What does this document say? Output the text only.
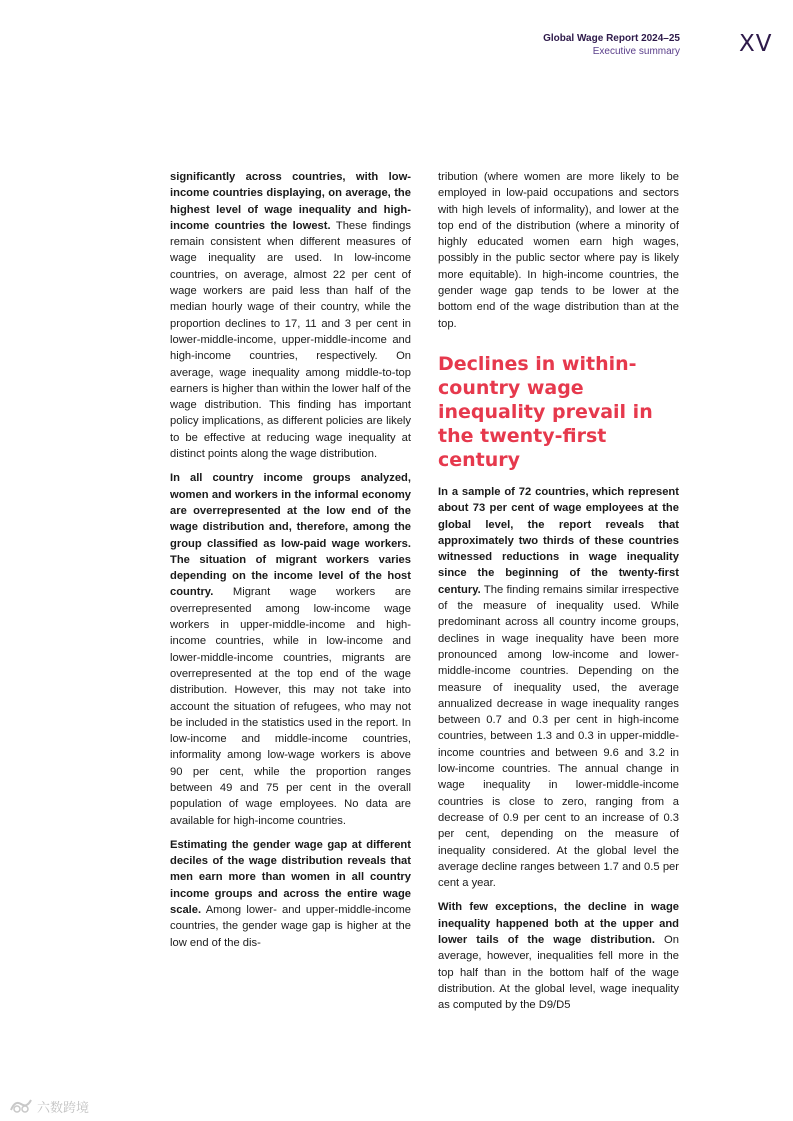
Global Wage Report 2024–25
Executive summary	XV

significantly across countries, with low-income countries displaying, on average, the highest level of wage inequality and high-income countries the lowest. These findings remain consistent when different measures of wage inequality are used. In low-income countries, on average, almost 22 per cent of wage workers are paid less than half of the median hourly wage of their country, while the proportion declines to 17, 11 and 3 per cent in lower-middle-income, upper-middle-income and high-income countries, respectively. On average, wage inequality among middle-to-top earners is higher than within the lower half of the wage distribution. This finding has important policy implications, as different policies are likely to be effective at reducing wage inequality at distinct points along the wage distribution.

In all country income groups analyzed, women and workers in the informal economy are overrepresented at the low end of the wage distribution and, therefore, among the group classified as low-paid wage workers. The situation of migrant workers varies depending on the income level of the host country. Migrant wage workers are overrepresented among low-income wage workers in upper-middle-income and high-income countries, while in low-income and lower-middle-income countries, migrants are overrepresented at the top end of the wage distribution. However, this may not take into account the situation of refugees, who may not be included in the statistics used in the report. In low-income and middle-income countries, informality among low-wage workers is above 90 per cent, while the proportion ranges between 49 and 75 per cent in the overall population of wage employees. No data are available for high-income countries.

Estimating the gender wage gap at different deciles of the wage distribution reveals that men earn more than women in all country income groups and across the entire wage scale. Among lower- and upper-middle-income countries, the gender wage gap is higher at the low end of the dis-

tribution (where women are more likely to be employed in low-paid occupations and sectors with high levels of informality), and lower at the top end of the distribution (where a minority of highly educated women earn high wages, possibly in the public sector where pay is likely more equitable). In high-income countries, the gender wage gap tends to be lower at the bottom end of the wage distribution than at the top.

Declines in within-country wage inequality prevail in the twenty-first century

In a sample of 72 countries, which represent about 73 per cent of wage employees at the global level, the report reveals that approximately two thirds of these countries witnessed reductions in wage inequality since the beginning of the twenty-first century. The finding remains similar irrespective of the measure of inequality used. While predominant across all country income groups, declines in wage inequality have been more pronounced among low-income and lower-middle-income countries. Depending on the measure of inequality used, the average annualized decrease in wage inequality ranges between 0.7 and 0.3 per cent in high-income countries, between 1.3 and 0.3 in upper-middle-income countries and between 9.6 and 3.2 in low-income countries. The annual change in wage inequality in lower-middle-income countries is close to zero, ranging from a decrease of 0.9 per cent to an increase of 0.3 per cent, depending on the measure of inequality considered. At the global level the average decline ranges between 1.7 and 0.5 per cent a year.

With few exceptions, the decline in wage inequality happened both at the upper and lower tails of the wage distribution. On average, however, inequalities fell more in the top half than in the bottom half of the wage distribution. At the global level, wage inequality as computed by the D9/D5

六数跨境
